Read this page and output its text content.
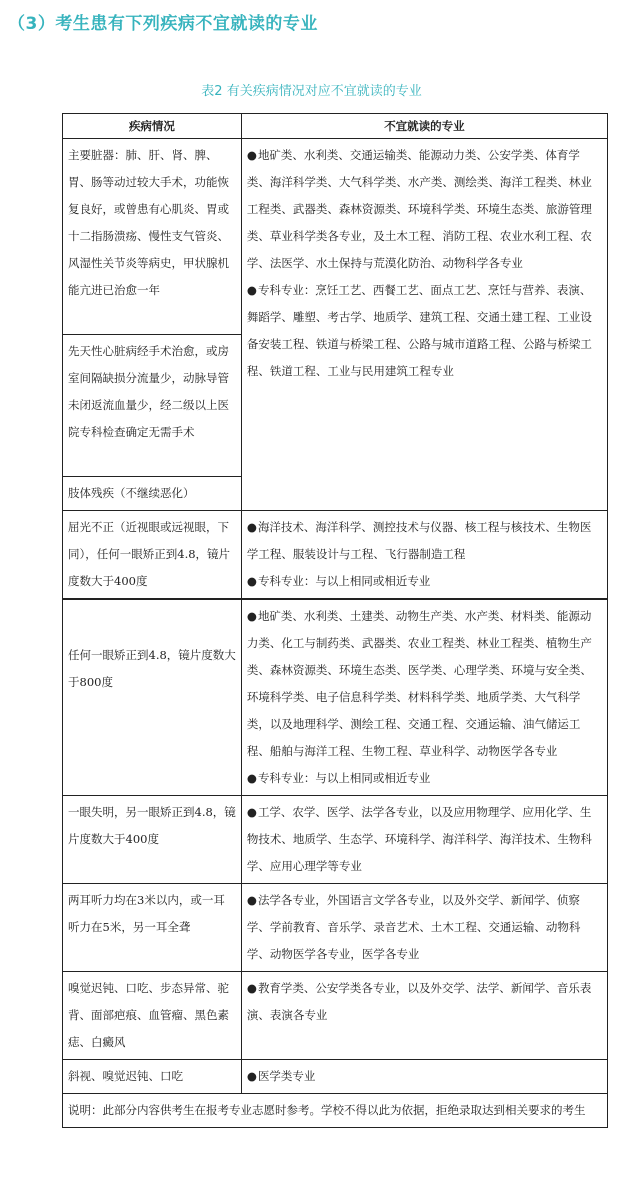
（3）考生患有下列疾病不宜就读的专业
表2 有关疾病情况对应不宜就读的专业
疾病情况	不宜就读的专业
主要脏器：肺、肝、肾、脾、胃、肠等动过较大手术，功能恢复良好，或曾患有心肌炎、胃或十二指肠溃疡、慢性支气管炎、风湿性关节炎等病史，甲状腺机能亢进已治愈一年	●地矿类、水利类、交通运输类、能源动力类、公安学类、体育学类、海洋科学类、大气科学类、水产类、测绘类、海洋工程类、林业工程类、武器类、森林资源类、环境科学类、环境生态类、旅游管理类、草业科学类各专业，及土木工程、消防工程、农业水利工程、农学、法医学、水土保持与荒漠化防治、动物科学各专业
●专科专业：烹饪工艺、西餐工艺、面点工艺、烹饪与营养、表演、舞蹈学、雕塑、考古学、地质学、建筑工程、交通土建工程、工业设备安装工程、铁道与桥梁工程、公路与城市道路工程、公路与桥梁工程、铁道工程、工业与民用建筑工程专业

先天性心脏病经手术治愈，或房室间隔缺损分流量少，动脉导管未闭返流血量少，经二级以上医院专科检查确定无需手术	
肢体残疾（不继续恶化）	
屈光不正（近视眼或远视眼，下同），任何一眼矫正到4.8，镜片度数大于400度	●海洋技术、海洋科学、测控技术与仪器、核工程与核技术、生物医学工程、服装设计与工程、飞行器制造工程
●专科专业：与以上相同或相近专业
任何一眼矫正到4.8，镜片度数大于800度	●地矿类、水利类、土建类、动物生产类、水产类、材料类、能源动力类、化工与制药类、武器类、农业工程类、林业工程类、植物生产类、森林资源类、环境生态类、医学类、心理学类、环境与安全类、环境科学类、电子信息科学类、材料科学类、地质学类、大气科学类，以及地理科学、测绘工程、交通工程、交通运输、油气储运工程、船舶与海洋工程、生物工程、草业科学、动物医学各专业
●专科专业：与以上相同或相近专业

一眼失明，另一眼矫正到4.8，镜片度数大于400度	●工学、农学、医学、法学各专业，以及应用物理学、应用化学、生物技术、地质学、生态学、环境科学、海洋科学、海洋技术、生物科学、应用心理学等专业
两耳听力均在3米以内，或一耳听力在5米，另一耳全聋	●法学各专业，外国语言文学各专业，以及外交学、新闻学、侦察学、学前教育、音乐学、录音艺术、土木工程、交通运输、动物科学、动物医学各专业，医学各专业
嗅觉迟钝、口吃、步态异常、驼背、面部疤痕、血管瘤、黑色素痣、白癜风	●教育学类、公安学类各专业，以及外交学、法学、新闻学、音乐表演、表演各专业
斜视、嗅觉迟钝、口吃	●医学类专业
说明：此部分内容供考生在报考专业志愿时参考。学校不得以此为依据，拒绝录取达到相关要求的考生	
